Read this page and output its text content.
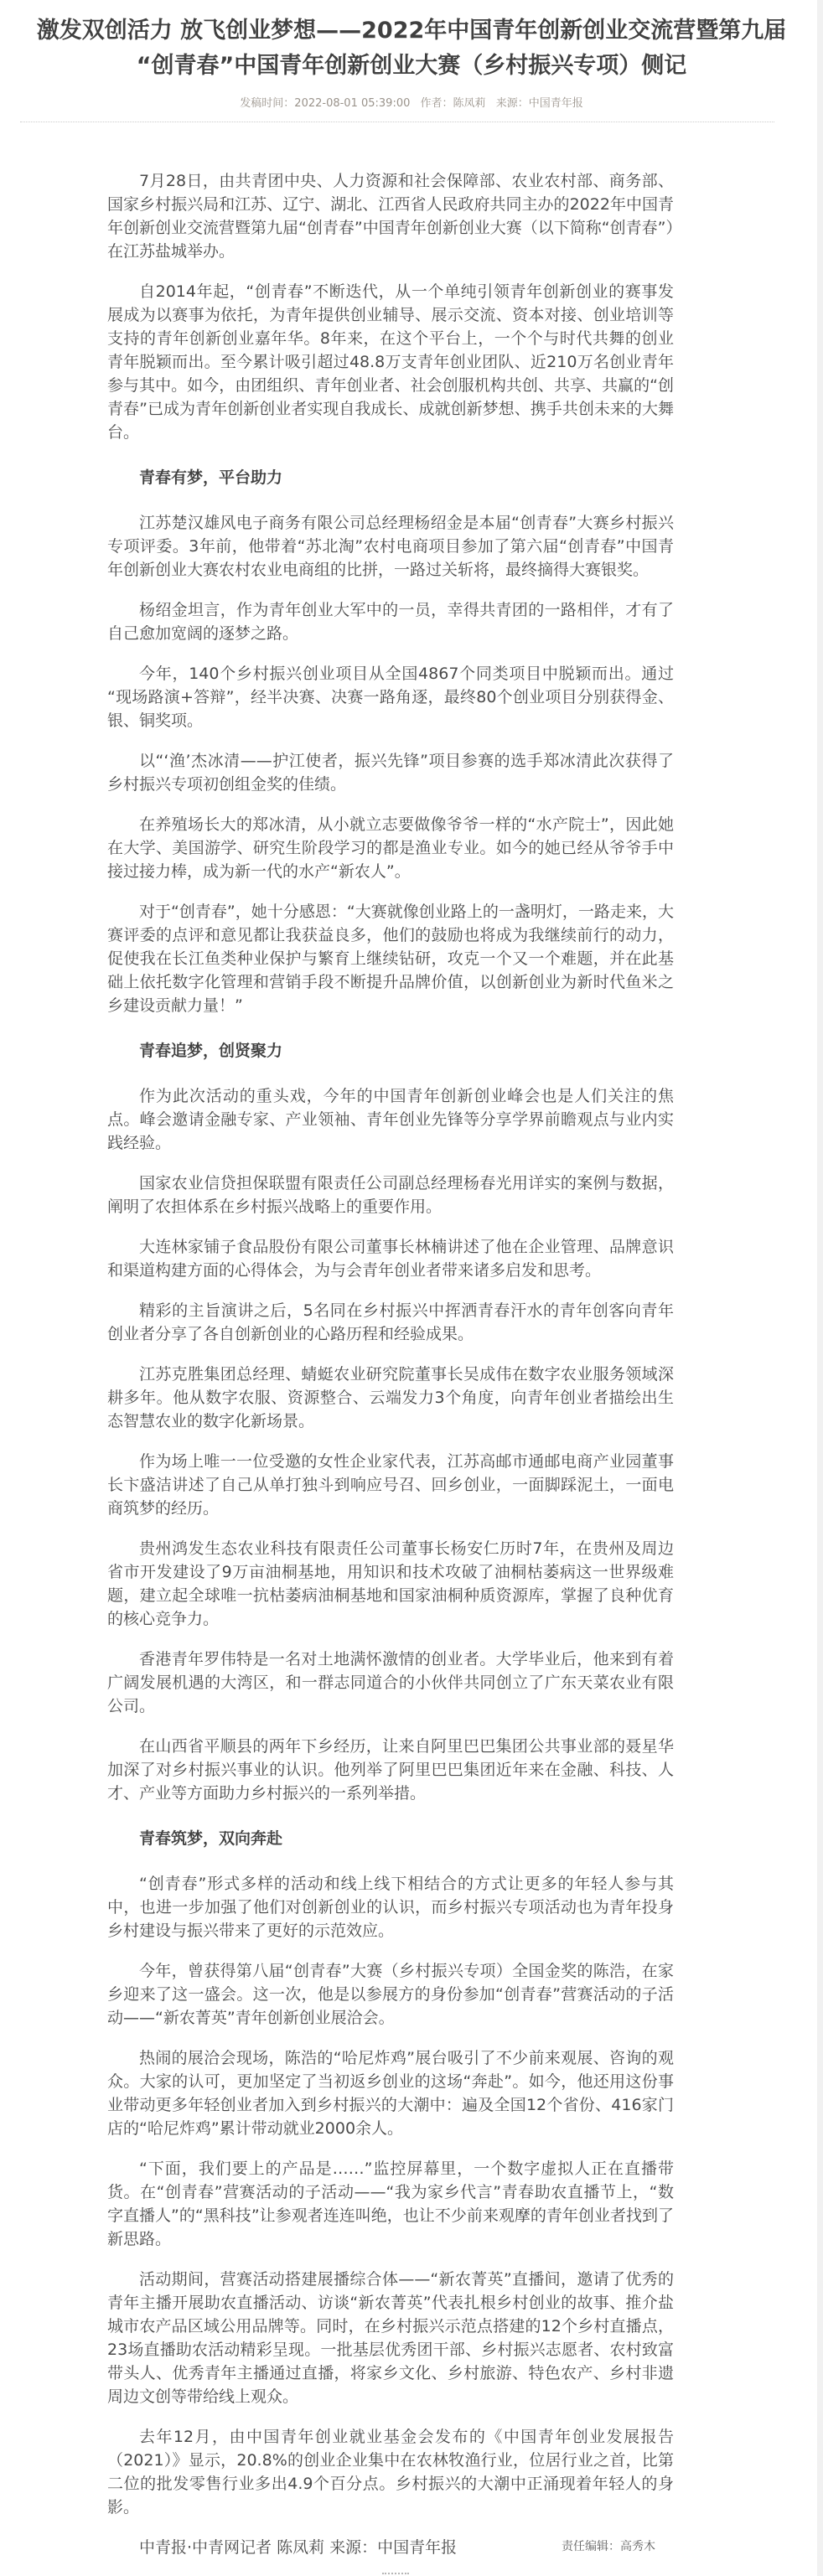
激发双创活力 放飞创业梦想——2022年中国青年创新创业交流营暨第九届“创青春”中国青年创新创业大赛（乡村振兴专项）侧记
发稿时间：2022-08-01 05:39:00 作者：陈凤莉 来源：中国青年报

7月28日，由共青团中央、人力资源和社会保障部、农业农村部、商务部、国家乡村振兴局和江苏、辽宁、湖北、江西省人民政府共同主办的2022年中国青年创新创业交流营暨第九届“创青春”中国青年创新创业大赛（以下简称“创青春”）在江苏盐城举办。

自2014年起，“创青春”不断迭代，从一个单纯引领青年创新创业的赛事发展成为以赛事为依托，为青年提供创业辅导、展示交流、资本对接、创业培训等支持的青年创新创业嘉年华。8年来，在这个平台上，一个个与时代共舞的创业青年脱颖而出。至今累计吸引超过48.8万支青年创业团队、近210万名创业青年参与其中。如今，由团组织、青年创业者、社会创服机构共创、共享、共赢的“创青春”已成为青年创新创业者实现自我成长、成就创新梦想、携手共创未来的大舞台。

青春有梦，平台助力

江苏楚汉雄风电子商务有限公司总经理杨绍金是本届“创青春”大赛乡村振兴专项评委。3年前，他带着“苏北淘”农村电商项目参加了第六届“创青春”中国青年创新创业大赛农村农业电商组的比拼，一路过关斩将，最终摘得大赛银奖。

杨绍金坦言，作为青年创业大军中的一员，幸得共青团的一路相伴，才有了自己愈加宽阔的逐梦之路。

今年，140个乡村振兴创业项目从全国4867个同类项目中脱颖而出。通过“现场路演+答辩”，经半决赛、决赛一路角逐，最终80个创业项目分别获得金、银、铜奖项。

以“‘渔’杰冰清——护江使者，振兴先锋”项目参赛的选手郑冰清此次获得了乡村振兴专项初创组金奖的佳绩。

在养殖场长大的郑冰清，从小就立志要做像爷爷一样的“水产院士”，因此她在大学、美国游学、研究生阶段学习的都是渔业专业。如今的她已经从爷爷手中接过接力棒，成为新一代的水产“新农人”。

对于“创青春”，她十分感恩：“大赛就像创业路上的一盏明灯，一路走来，大赛评委的点评和意见都让我获益良多，他们的鼓励也将成为我继续前行的动力，促使我在长江鱼类种业保护与繁育上继续钻研，攻克一个又一个难题，并在此基础上依托数字化管理和营销手段不断提升品牌价值，以创新创业为新时代鱼米之乡建设贡献力量！”

青春追梦，创贤聚力

作为此次活动的重头戏，今年的中国青年创新创业峰会也是人们关注的焦点。峰会邀请金融专家、产业领袖、青年创业先锋等分享学界前瞻观点与业内实践经验。

国家农业信贷担保联盟有限责任公司副总经理杨春光用详实的案例与数据，阐明了农担体系在乡村振兴战略上的重要作用。

大连林家铺子食品股份有限公司董事长林楠讲述了他在企业管理、品牌意识和渠道构建方面的心得体会，为与会青年创业者带来诸多启发和思考。

精彩的主旨演讲之后，5名同在乡村振兴中挥洒青春汗水的青年创客向青年创业者分享了各自创新创业的心路历程和经验成果。

江苏克胜集团总经理、蜻蜓农业研究院董事长吴成伟在数字农业服务领域深耕多年。他从数字农服、资源整合、云端发力3个角度，向青年创业者描绘出生态智慧农业的数字化新场景。

作为场上唯一一位受邀的女性企业家代表，江苏高邮市通邮电商产业园董事长卞盛洁讲述了自己从单打独斗到响应号召、回乡创业，一面脚踩泥土，一面电商筑梦的经历。

贵州鸿发生态农业科技有限责任公司董事长杨安仁历时7年，在贵州及周边省市开发建设了9万亩油桐基地，用知识和技术攻破了油桐枯萎病这一世界级难题，建立起全球唯一抗枯萎病油桐基地和国家油桐种质资源库，掌握了良种优育的核心竞争力。

香港青年罗伟特是一名对土地满怀激情的创业者。大学毕业后，他来到有着广阔发展机遇的大湾区，和一群志同道合的小伙伴共同创立了广东天菜农业有限公司。

在山西省平顺县的两年下乡经历，让来自阿里巴巴集团公共事业部的聂星华加深了对乡村振兴事业的认识。他列举了阿里巴巴集团近年来在金融、科技、人才、产业等方面助力乡村振兴的一系列举措。

青春筑梦，双向奔赴

“创青春”形式多样的活动和线上线下相结合的方式让更多的年轻人参与其中，也进一步加强了他们对创新创业的认识，而乡村振兴专项活动也为青年投身乡村建设与振兴带来了更好的示范效应。

今年，曾获得第八届“创青春”大赛（乡村振兴专项）全国金奖的陈浩，在家乡迎来了这一盛会。这一次，他是以参展方的身份参加“创青春”营赛活动的子活动——“新农菁英”青年创新创业展洽会。

热闹的展洽会现场，陈浩的“哈尼炸鸡”展台吸引了不少前来观展、咨询的观众。大家的认可，更加坚定了当初返乡创业的这场“奔赴”。如今，他还用这份事业带动更多年轻创业者加入到乡村振兴的大潮中：遍及全国12个省份、416家门店的“哈尼炸鸡”累计带动就业2000余人。

“下面，我们要上的产品是……”监控屏幕里，一个数字虚拟人正在直播带货。在“创青春”营赛活动的子活动——“我为家乡代言”青春助农直播节上，“数字直播人”的“黑科技”让参观者连连叫绝，也让不少前来观摩的青年创业者找到了新思路。

活动期间，营赛活动搭建展播综合体——“新农菁英”直播间，邀请了优秀的青年主播开展助农直播活动、访谈“新农菁英”代表扎根乡村创业的故事、推介盐城市农产品区域公用品牌等。同时，在乡村振兴示范点搭建的12个乡村直播点，23场直播助农活动精彩呈现。一批基层优秀团干部、乡村振兴志愿者、农村致富带头人、优秀青年主播通过直播，将家乡文化、乡村旅游、特色农产、乡村非遗周边文创等带给线上观众。

去年12月，由中国青年创业就业基金会发布的《中国青年创业发展报告（2021）》显示，20.8%的创业企业集中在农林牧渔行业，位居行业之首，比第二位的批发零售行业多出4.9个百分点。乡村振兴的大潮中正涌现着年轻人的身影。

中青报·中青网记者 陈凤莉 来源：中国青年报	责任编辑：高秀木
